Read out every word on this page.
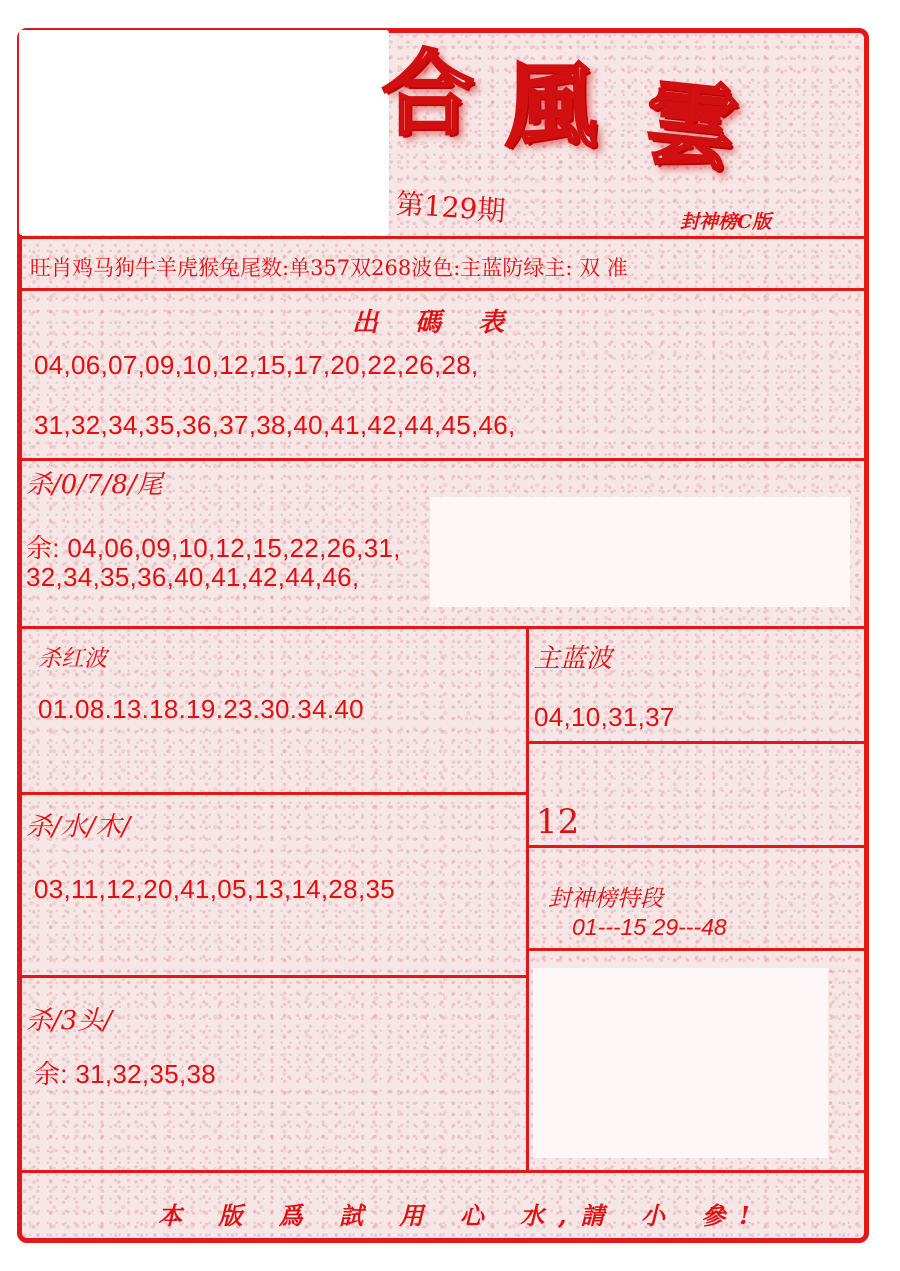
合 風 雲
第129期	封神榜C版
旺肖鸡马狗牛羊虎猴兔尾数:单357双268波色:主蓝防绿主: 双 准
出 碼 表
04,06,07,09,10,12,15,17,20,22,26,28,
31,32,34,35,36,37,38,40,41,42,44,45,46,
杀/0/7/8/尾
余: 04,06,09,10,12,15,22,26,31,
32,34,35,36,40,41,42,44,46,
杀红波
01.08.13.18.19.23.30.34.40
主蓝波
04,10,31,37
杀/水/木/
03,11,12,20,41,05,13,14,28,35
12
封神榜特段
01---15 29---48
杀/3头/
余: 31,32,35,38
本 版 爲 試 用 心 水,請 小 參!
